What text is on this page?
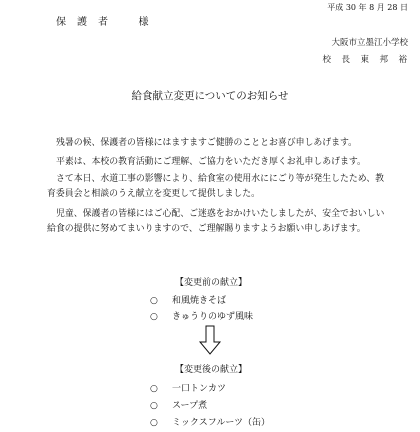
平成 30 年 8 月 28 日
保　護　者	様
大阪市立墨江小学校
校　長　東　邦　裕
給食献立変更についてのお知らせ

残暑の候、保護者の皆様にはますますご健勝のこととお喜び申しあげます。

平素は、本校の教育活動にご理解、ご協力をいただき厚くお礼申しあげます。

さて本日、水道工事の影響により、給食室の使用水ににごり等が発生したため、教育委員会と相談のうえ献立を変更して提供しました。

児童、保護者の皆様にはご心配、ご迷惑をおかけいたしましたが、安全でおいしい給食の提供に努めてまいりますので、ご理解賜りますようお願い申しあげます。

【変更前の献立】
○ 和風焼きそば
○ きゅうりのゆず風味
【変更後の献立】
○ 一口トンカツ
○ スープ煮
○ ミックスフルーツ（缶）
